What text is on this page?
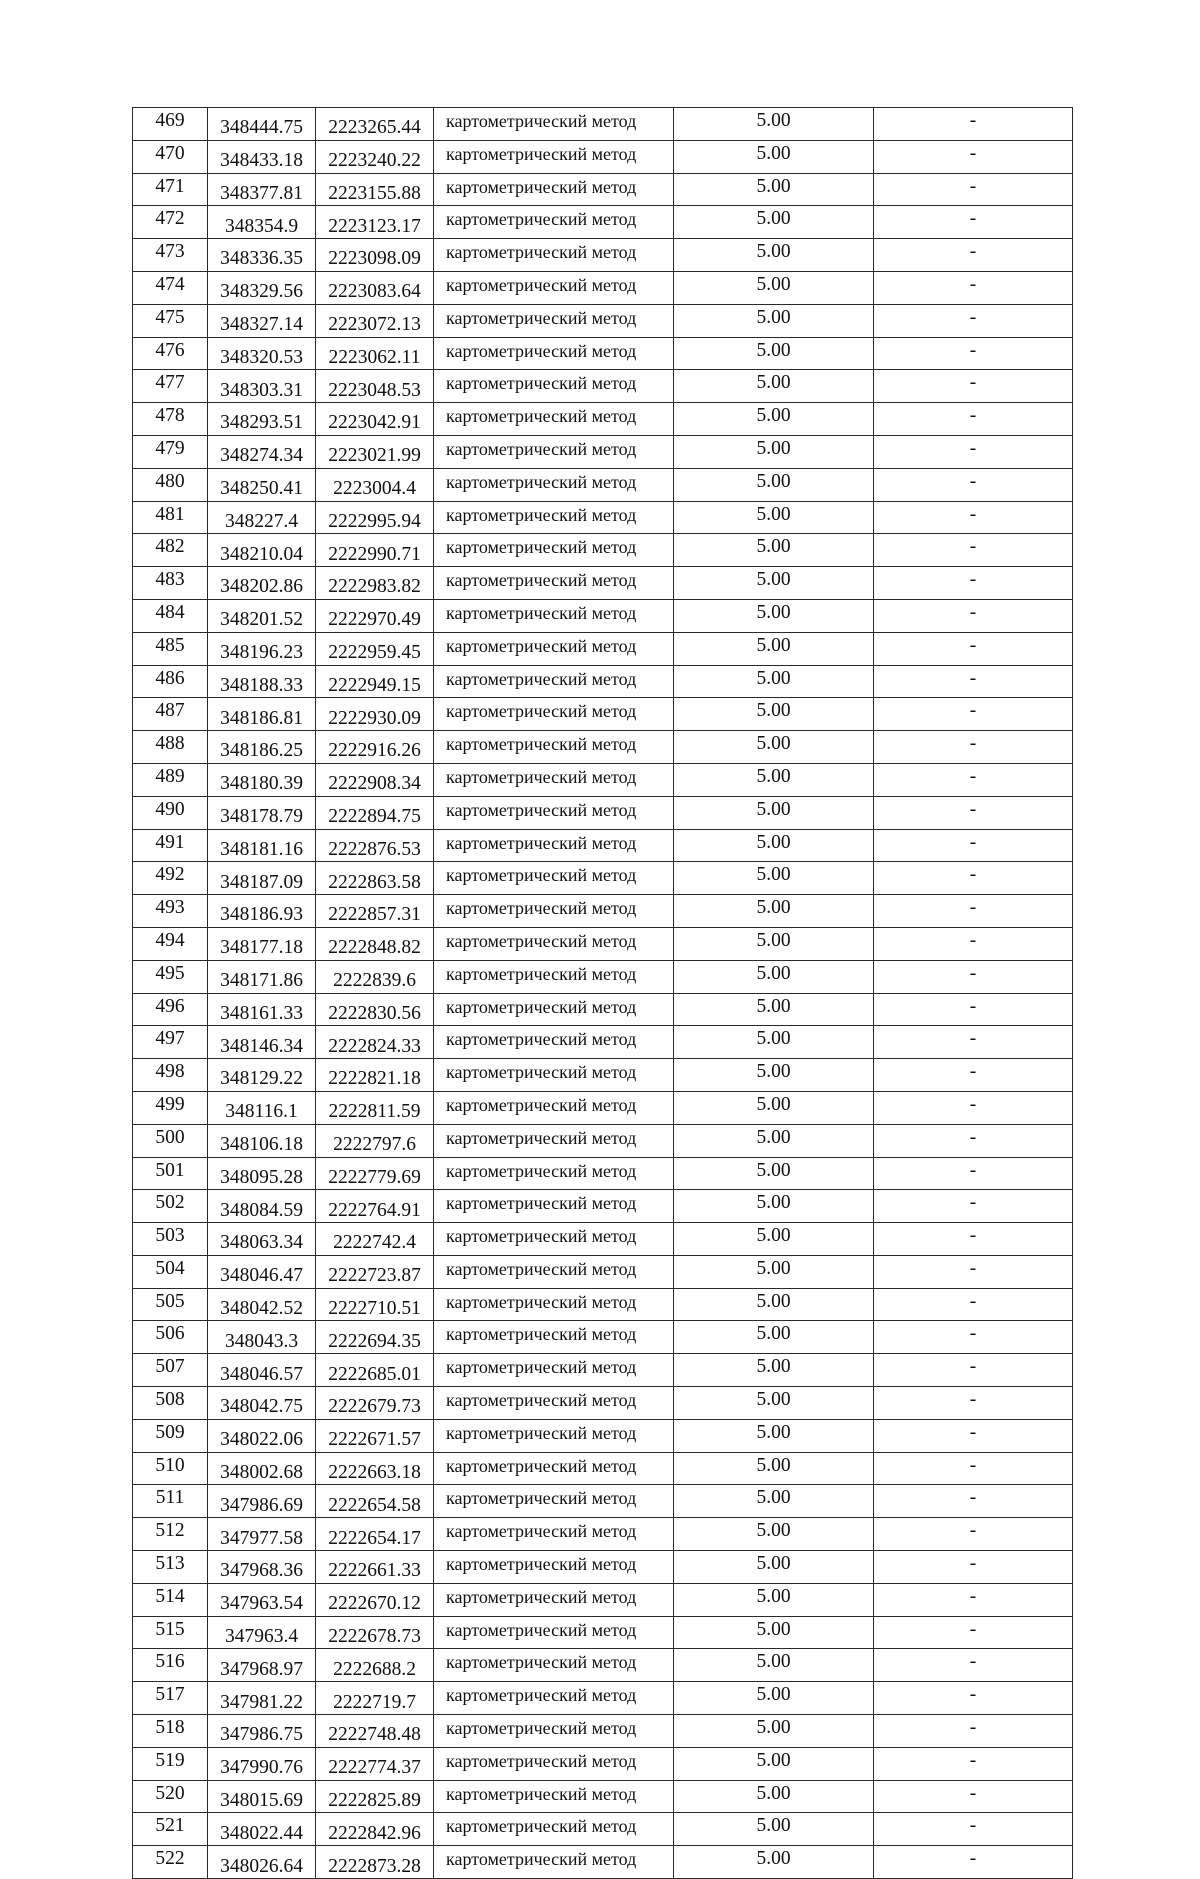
469	348444.75	2223265.44	картометрический метод	5.00	-
470	348433.18	2223240.22	картометрический метод	5.00	-
471	348377.81	2223155.88	картометрический метод	5.00	-
472	348354.9	2223123.17	картометрический метод	5.00	-
473	348336.35	2223098.09	картометрический метод	5.00	-
474	348329.56	2223083.64	картометрический метод	5.00	-
475	348327.14	2223072.13	картометрический метод	5.00	-
476	348320.53	2223062.11	картометрический метод	5.00	-
477	348303.31	2223048.53	картометрический метод	5.00	-
478	348293.51	2223042.91	картометрический метод	5.00	-
479	348274.34	2223021.99	картометрический метод	5.00	-
480	348250.41	2223004.4	картометрический метод	5.00	-
481	348227.4	2222995.94	картометрический метод	5.00	-
482	348210.04	2222990.71	картометрический метод	5.00	-
483	348202.86	2222983.82	картометрический метод	5.00	-
484	348201.52	2222970.49	картометрический метод	5.00	-
485	348196.23	2222959.45	картометрический метод	5.00	-
486	348188.33	2222949.15	картометрический метод	5.00	-
487	348186.81	2222930.09	картометрический метод	5.00	-
488	348186.25	2222916.26	картометрический метод	5.00	-
489	348180.39	2222908.34	картометрический метод	5.00	-
490	348178.79	2222894.75	картометрический метод	5.00	-
491	348181.16	2222876.53	картометрический метод	5.00	-
492	348187.09	2222863.58	картометрический метод	5.00	-
493	348186.93	2222857.31	картометрический метод	5.00	-
494	348177.18	2222848.82	картометрический метод	5.00	-
495	348171.86	2222839.6	картометрический метод	5.00	-
496	348161.33	2222830.56	картометрический метод	5.00	-
497	348146.34	2222824.33	картометрический метод	5.00	-
498	348129.22	2222821.18	картометрический метод	5.00	-
499	348116.1	2222811.59	картометрический метод	5.00	-
500	348106.18	2222797.6	картометрический метод	5.00	-
501	348095.28	2222779.69	картометрический метод	5.00	-
502	348084.59	2222764.91	картометрический метод	5.00	-
503	348063.34	2222742.4	картометрический метод	5.00	-
504	348046.47	2222723.87	картометрический метод	5.00	-
505	348042.52	2222710.51	картометрический метод	5.00	-
506	348043.3	2222694.35	картометрический метод	5.00	-
507	348046.57	2222685.01	картометрический метод	5.00	-
508	348042.75	2222679.73	картометрический метод	5.00	-
509	348022.06	2222671.57	картометрический метод	5.00	-
510	348002.68	2222663.18	картометрический метод	5.00	-
511	347986.69	2222654.58	картометрический метод	5.00	-
512	347977.58	2222654.17	картометрический метод	5.00	-
513	347968.36	2222661.33	картометрический метод	5.00	-
514	347963.54	2222670.12	картометрический метод	5.00	-
515	347963.4	2222678.73	картометрический метод	5.00	-
516	347968.97	2222688.2	картометрический метод	5.00	-
517	347981.22	2222719.7	картометрический метод	5.00	-
518	347986.75	2222748.48	картометрический метод	5.00	-
519	347990.76	2222774.37	картометрический метод	5.00	-
520	348015.69	2222825.89	картометрический метод	5.00	-
521	348022.44	2222842.96	картометрический метод	5.00	-
522	348026.64	2222873.28	картометрический метод	5.00	-
